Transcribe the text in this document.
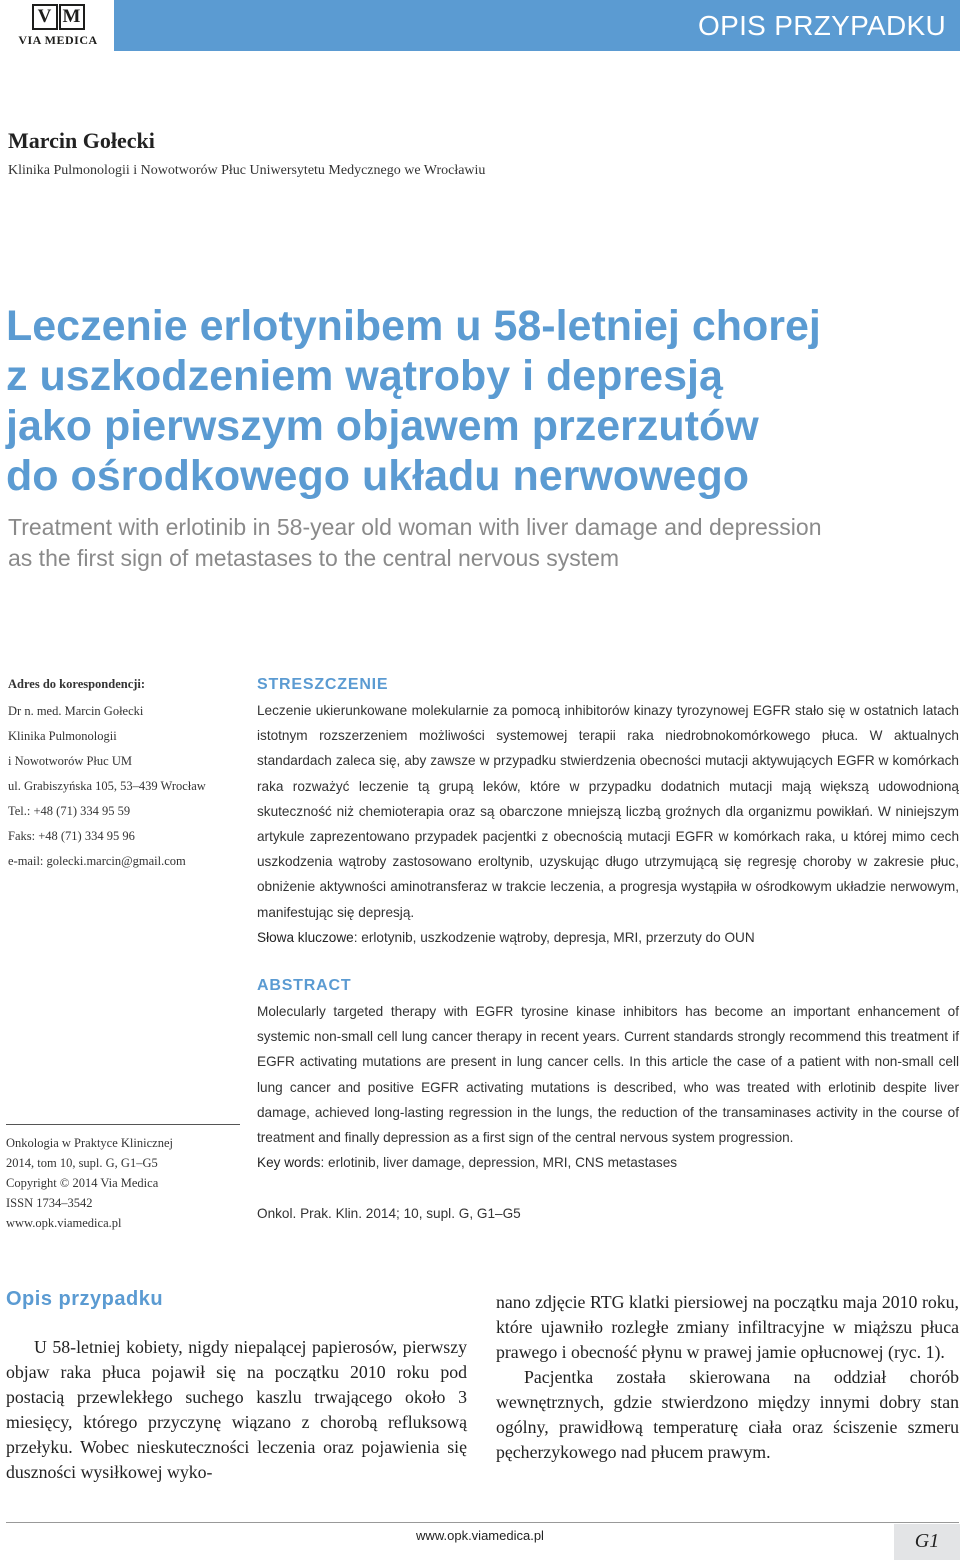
V M
VIA MEDICA	OPIS PRZYPADKU
Marcin Gołecki
Klinika Pulmonologii i Nowotworów Płuc Uniwersytetu Medycznego we Wrocławiu
Leczenie erlotynibem u 58-letniej chorej
z uszkodzeniem wątroby i depresją
jako pierwszym objawem przerzutów
do ośrodkowego układu nerwowego
Treatment with erlotinib in 58-year old woman with liver damage and depression
as the first sign of metastases to the central nervous system
Adres do korespondencji:
Dr n. med. Marcin Gołecki
Klinika Pulmonologii
i Nowotworów Płuc UM
ul. Grabiszyńska 105, 53–439 Wrocław
Tel.: +48 (71) 334 95 59
Faks: +48 (71) 334 95 96
e-mail: golecki.marcin@gmail.com
STRESZCZENIE
Leczenie ukierunkowane molekularnie za pomocą inhibitorów kinazy tyrozynowej EGFR stało się w ostatnich latach istotnym rozszerzeniem możliwości systemowej terapii raka niedrobnokomórkowego płuca. W aktualnych standardach zaleca się, aby zawsze w przypadku stwierdzenia obecności mutacji aktywujących EGFR w komórkach raka rozważyć leczenie tą grupą leków, które w przypadku dodatnich mutacji mają większą udowodnioną skuteczność niż chemioterapia oraz są obarczone mniejszą liczbą groźnych dla organizmu powikłań. W niniejszym artykule zaprezentowano przypadek pacjentki z obecnością mutacji EGFR w komórkach raka, u której mimo cech uszkodzenia wątroby zastosowano eroltynib, uzyskując długo utrzymującą się regresję choroby w zakresie płuc, obniżenie aktywności aminotransferaz w trakcie leczenia, a progresja wystąpiła w ośrodkowym układzie nerwowym, manifestując się depresją.
Słowa kluczowe: erlotynib, uszkodzenie wątroby, depresja, MRI, przerzuty do OUN
ABSTRACT
Molecularly targeted therapy with EGFR tyrosine kinase inhibitors has become an important enhancement of systemic non-small cell lung cancer therapy in recent years. Current standards strongly recommend this treatment if EGFR activating mutations are present in lung cancer cells. In this article the case of a patient with non-small cell lung cancer and positive EGFR activating mutations is described, who was treated with erlotinib despite liver damage, achieved long-lasting regression in the lungs, the reduction of the transaminases activity in the course of treatment and finally depression as a first sign of the central nervous system progression.
Key words: erlotinib, liver damage, depression, MRI, CNS metastases
Onkol. Prak. Klin. 2014; 10, supl. G, G1–G5
Onkologia w Praktyce Klinicznej
2014, tom 10, supl. G, G1–G5
Copyright © 2014 Via Medica
ISSN 1734–3542
www.opk.viamedica.pl
Opis przypadku

U 58-letniej kobiety, nigdy niepalącej papierosów, pierwszy objaw raka płuca pojawił się na początku 2010 roku pod postacią przewlekłego suchego kaszlu trwającego około 3 miesięcy, którego przyczynę wiązano z chorobą refluksową przełyku. Wobec nieskuteczności leczenia oraz pojawienia się duszności wysiłkowej wyko-

nano zdjęcie RTG klatki piersiowej na początku maja 2010 roku, które ujawniło rozległe zmiany infiltracyjne w miąższu płuca prawego i obecność płynu w prawej jamie opłucnowej (ryc. 1).

Pacjentka została skierowana na oddział chorób wewnętrznych, gdzie stwierdzono między innymi dobry stan ogólny, prawidłową temperaturę ciała oraz ściszenie szmeru pęcherzykowego nad płucem prawym.

www.opk.viamedica.pl	G1
